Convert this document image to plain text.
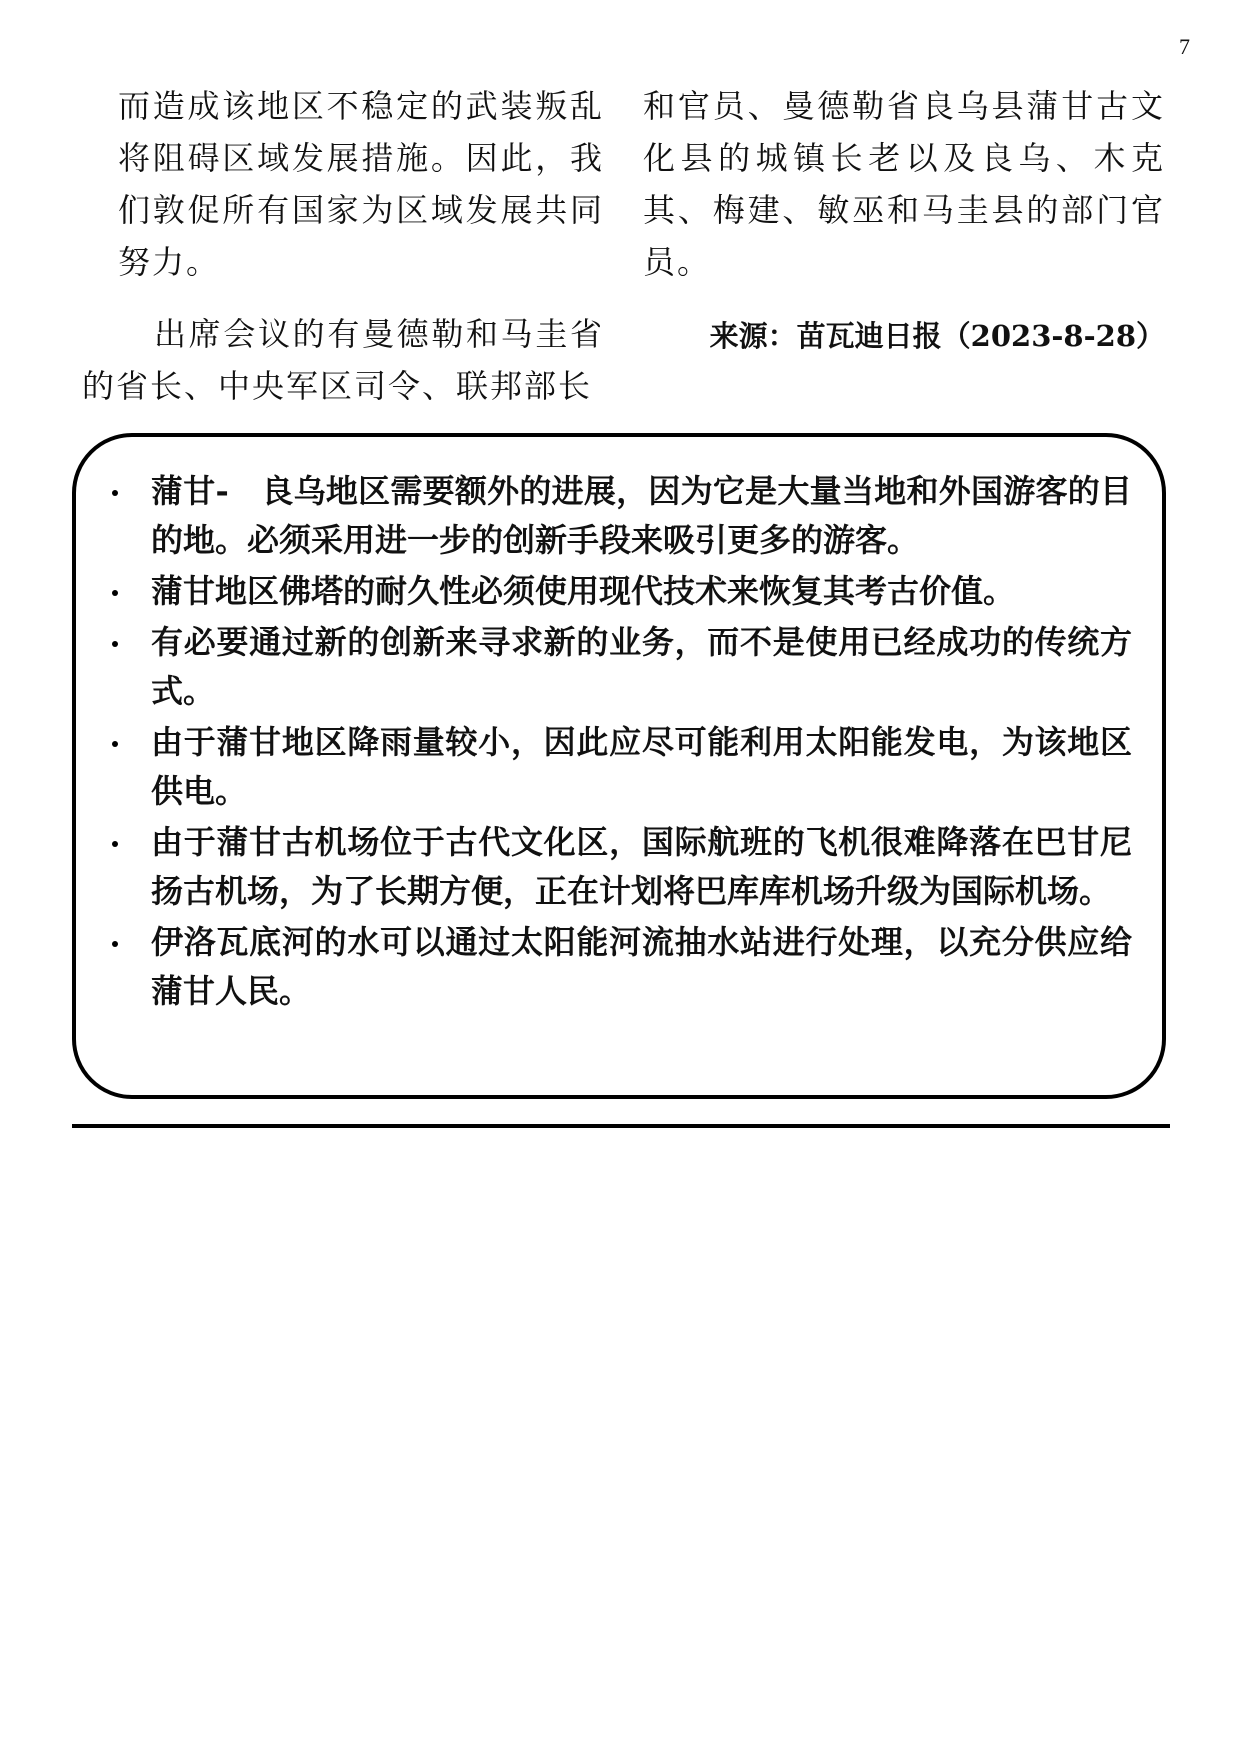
7

而造成该地区不稳定的武装叛乱将阻碍区域发展措施。因此，我们敦促所有国家为区域发展共同努力。

出席会议的有曼德勒和马圭省的省长、中央军区司令、联邦部长

和官员、曼德勒省良乌县蒲甘古文化县的城镇长老以及良乌、木克其、梅建、敏巫和马圭县的部门官员。

来源：苗瓦迪日报（2023-8-28）
蒲甘-　良乌地区需要额外的进展，因为它是大量当地和外国游客的目的地。必须采用进一步的创新手段来吸引更多的游客。
蒲甘地区佛塔的耐久性必须使用现代技术来恢复其考古价值。
有必要通过新的创新来寻求新的业务，而不是使用已经成功的传统方式。
由于蒲甘地区降雨量较小，因此应尽可能利用太阳能发电，为该地区供电。
由于蒲甘古机场位于古代文化区，国际航班的飞机很难降落在巴甘尼扬古机场，为了长期方便，正在计划将巴库库机场升级为国际机场。
伊洛瓦底河的水可以通过太阳能河流抽水站进行处理，以充分供应给蒲甘人民。
